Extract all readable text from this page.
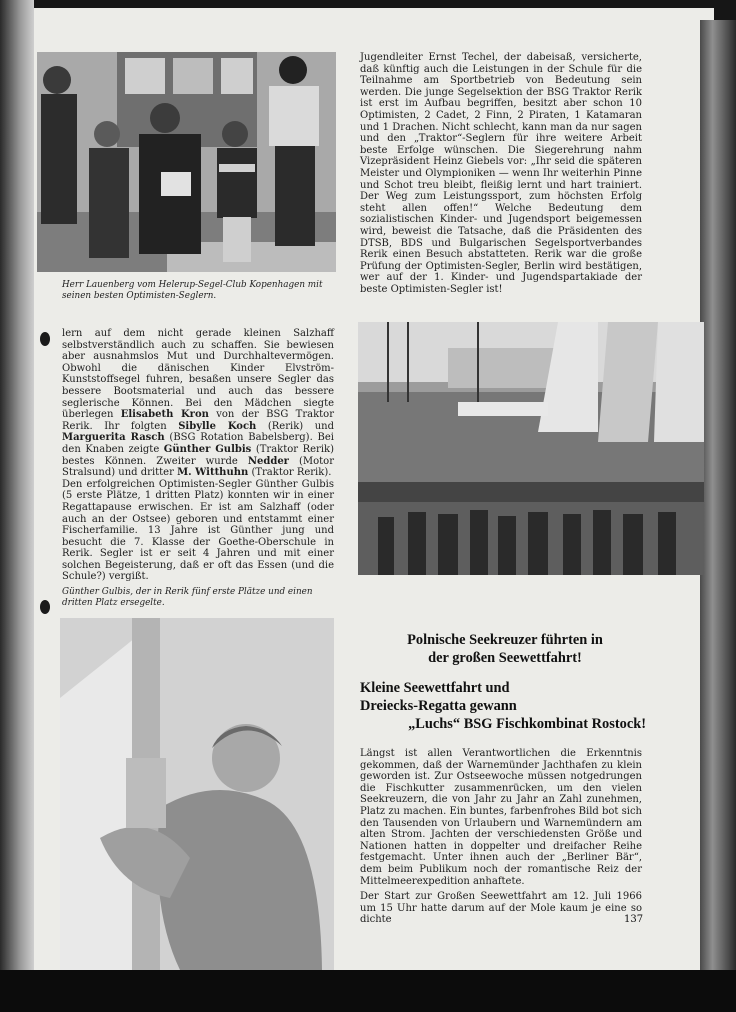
Herr Lauenberg vom Helerup-Segel-Club Kopenhagen mit seinen besten Optimisten-Seglern.
Jugendleiter Ernst Techel, der dabeisaß, versicherte, daß künftig auch die Leistungen in der Schule für die Teilnahme am Sportbetrieb von Bedeutung sein werden. Die junge Segelsektion der BSG Traktor Rerik ist erst im Aufbau begriffen, besitzt aber schon 10 Optimisten, 2 Cadet, 2 Finn, 2 Piraten, 1 Katamaran und 1 Drachen. Nicht schlecht, kann man da nur sagen und den „Traktor“-Seglern für ihre weitere Arbeit beste Erfolge wünschen. Die Siegerehrung nahm Vizepräsident Heinz Giebels vor: „Ihr seid die späteren Meister und Olympioniken — wenn Ihr weiterhin Pinne und Schot treu bleibt, fleißig lernt und hart trainiert. Der Weg zum Leistungssport, zum höchsten Erfolg steht allen offen!“ Welche Bedeutung dem sozialistischen Kinder- und Jugendsport beigemessen wird, beweist die Tatsache, daß die Präsidenten des DTSB, BDS und Bulgarischen Segelsportverbandes Rerik einen Besuch abstatteten. Rerik war die große Prüfung der Optimisten-Segler, Berlin wird bestätigen, wer auf der 1. Kinder- und Jugendspartakiade der beste Optimisten-Segler ist!

lern auf dem nicht gerade kleinen Salzhaff selbstverständlich auch zu schaffen. Sie bewiesen aber ausnahmslos Mut und Durchhaltevermögen. Obwohl die dänischen Kinder Elvström-Kunststoffsegel fuhren, besaßen unsere Segler das bessere Bootsmaterial und auch das bessere seglerische Können. Bei den Mädchen siegte überlegen Elisabeth Kron von der BSG Traktor Rerik. Ihr folgten Sibylle Koch (Rerik) und Marguerita Rasch (BSG Rotation Babelsberg). Bei den Knaben zeigte Günther Gulbis (Traktor Rerik) bestes Können. Zweiter wurde Nedder (Motor Stralsund) und dritter M. Witthuhn (Traktor Rerik).

Den erfolgreichen Optimisten-Segler Günther Gulbis (5 erste Plätze, 1 dritten Platz) konnten wir in einer Regattapause erwischen. Er ist am Salzhaff (oder auch an der Ostsee) geboren und entstammt einer Fischerfamilie. 13 Jahre ist Günther jung und besucht die 7. Klasse der Goethe-Oberschule in Rerik. Segler ist er seit 4 Jahren und mit einer solchen Begeisterung, daß er oft das Essen (und die Schule?) vergißt.

Günther Gulbis, der in Rerik fünf erste Plätze und einen dritten Platz ersegelte.
Polnische Seekreuzer führten in
der großen Seewettfahrt!
Kleine Seewettfahrt und
Dreiecks-Regatta gewann
„Luchs“ BSG Fischkombinat Rostock!

Längst ist allen Verantwortlichen die Erkenntnis gekommen, daß der Warnemünder Jachthafen zu klein geworden ist. Zur Ostseewoche müssen notgedrungen die Fischkutter zusammenrücken, um den vielen Seekreuzern, die von Jahr zu Jahr an Zahl zunehmen, Platz zu machen. Ein buntes, farbenfrohes Bild bot sich den Tausenden von Urlaubern und Warnemündern am alten Strom. Jachten der verschiedensten Größe und Nationen hatten in doppelter und dreifacher Reihe festgemacht. Unter ihnen auch der „Berliner Bär“, dem beim Publikum noch der romantische Reiz der Mittelmeerexpedition anhaftete.

Der Start zur Großen Seewettfahrt am 12. Juli 1966 um 15 Uhr hatte darum auf der Mole kaum je eine so dichte	137
